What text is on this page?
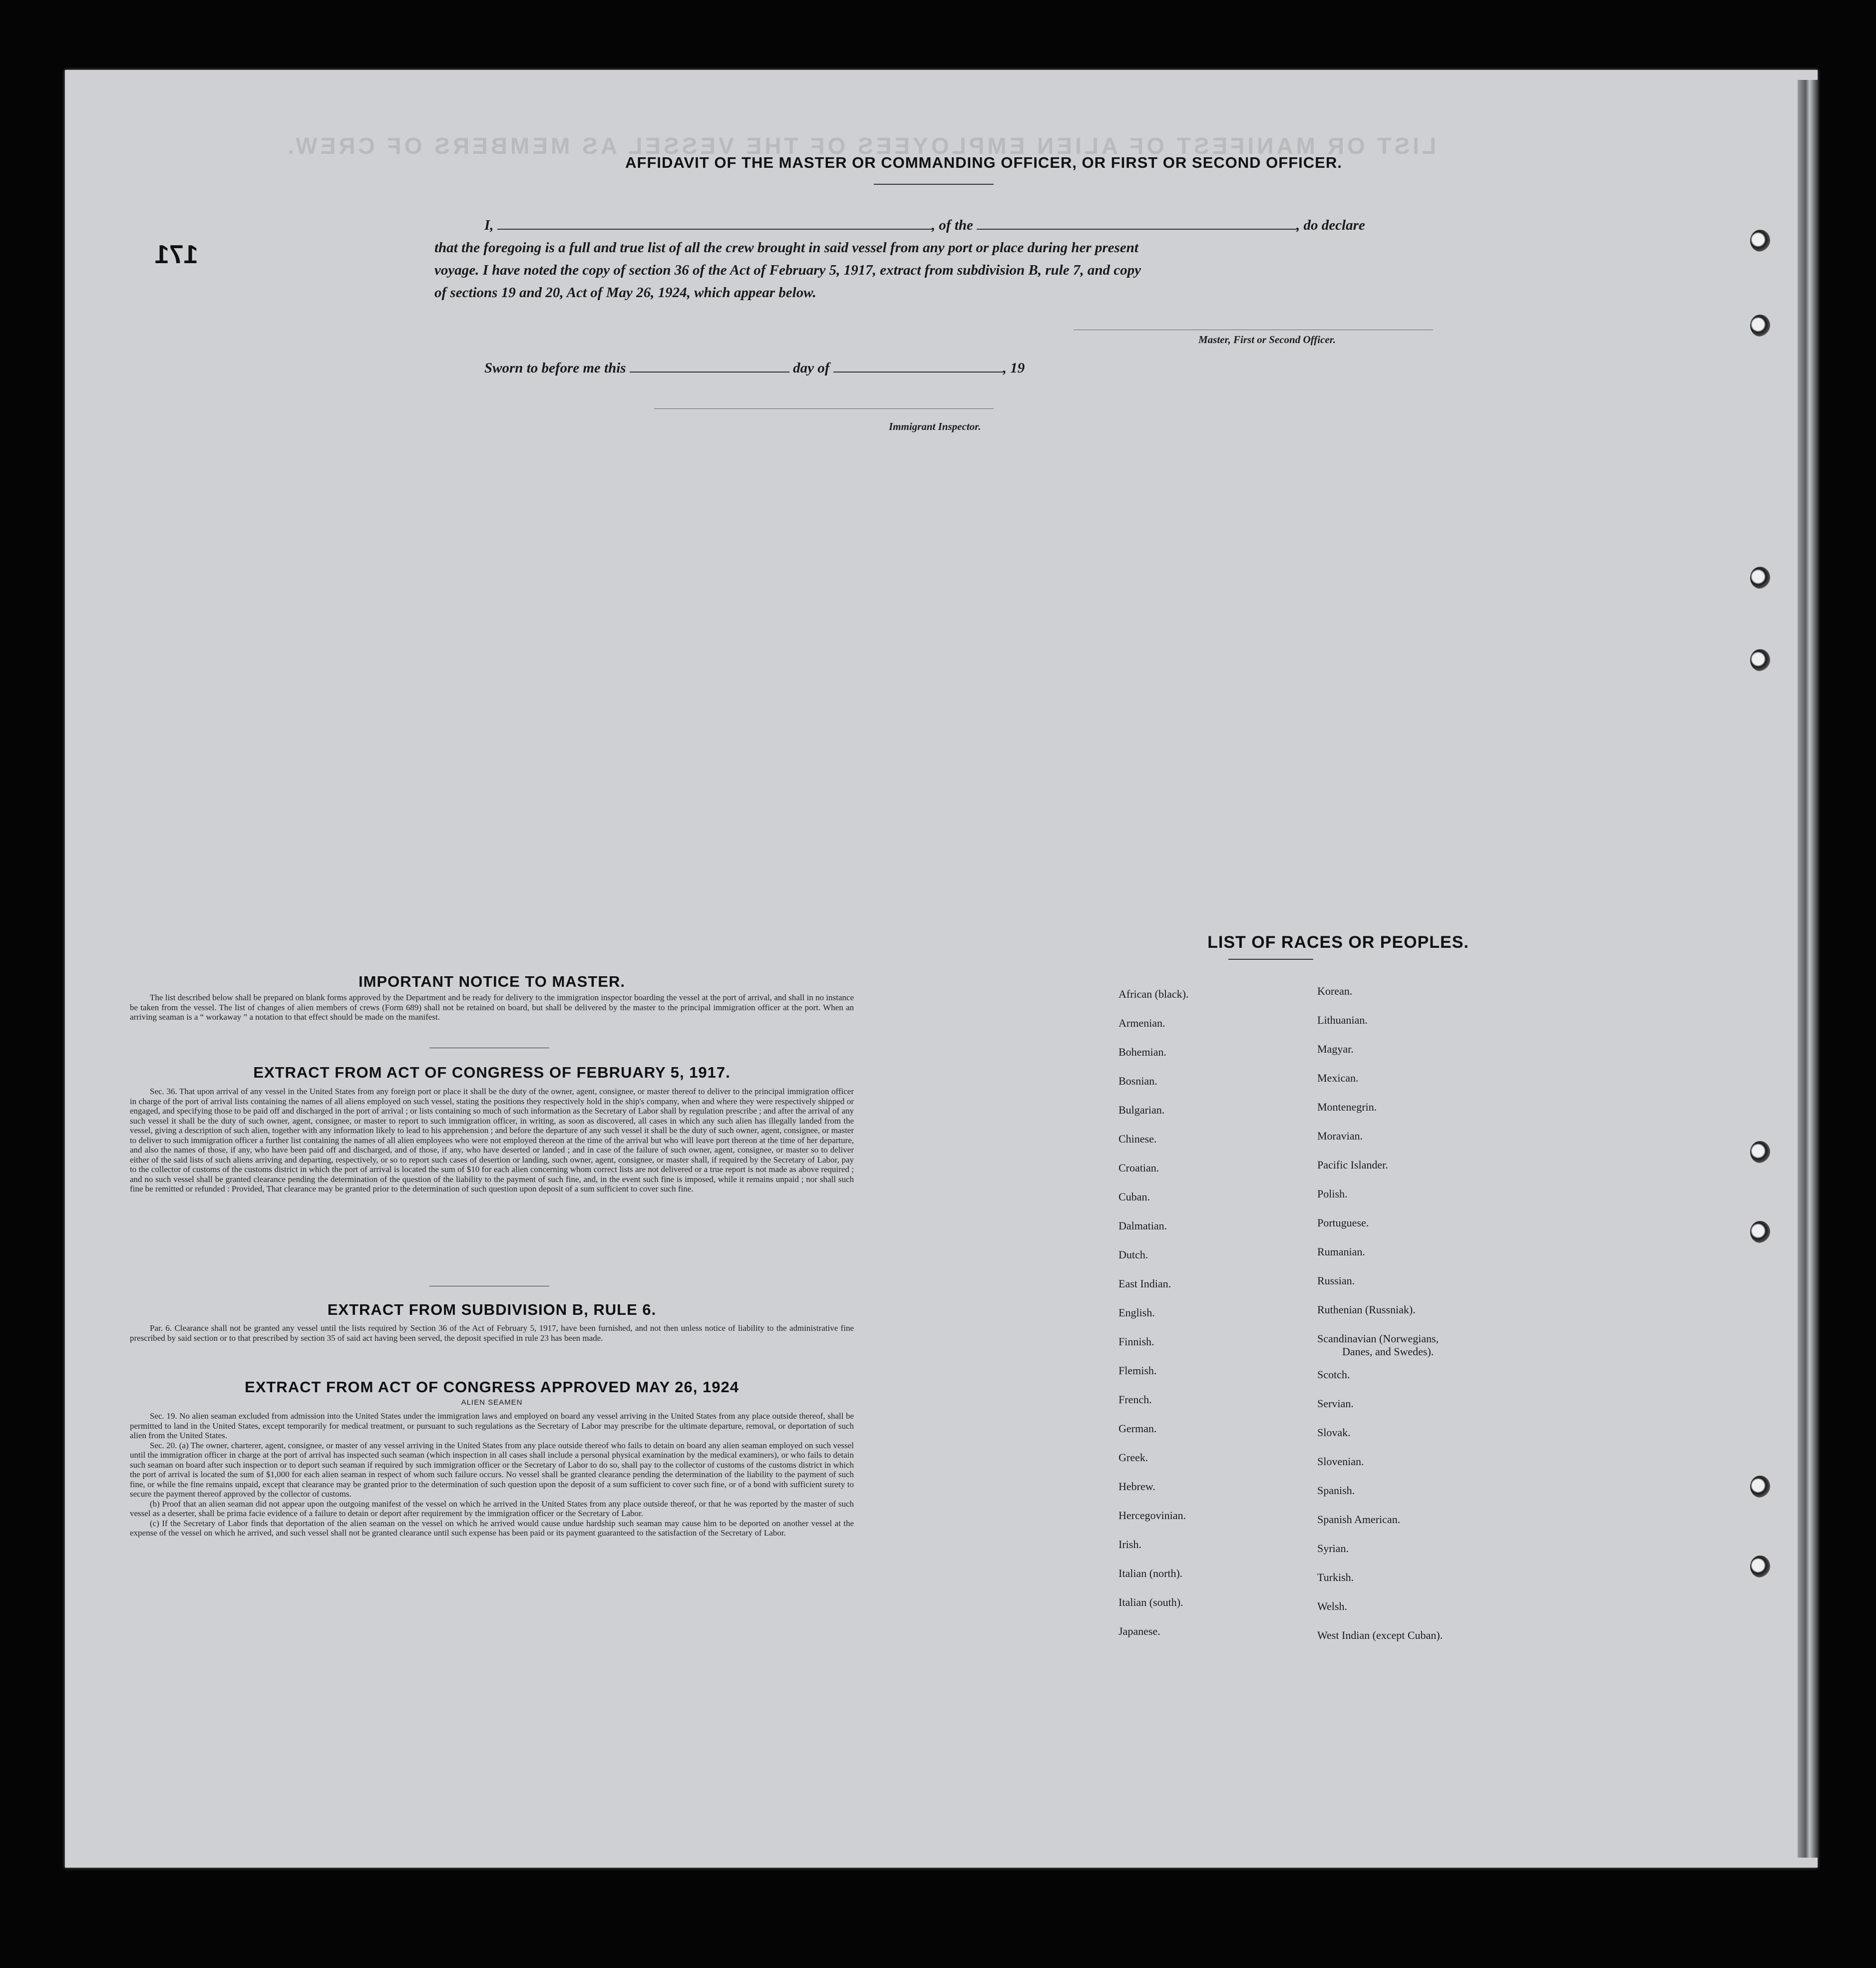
LIST OR MANIFEST OF ALIEN EMPLOYEES OF THE VESSEL AS MEMBERS OF CREW.
171
AFFIDAVIT OF THE MASTER OR COMMANDING OFFICER, OR FIRST OR SECOND OFFICER.
I,	, of the	, do declare
that the foregoing is a full and true list of all the crew brought in said vessel from any port or place during her present
voyage. I have noted the copy of section 36 of the Act of February 5, 1917, extract from subdivision B, rule 7, and copy
of sections 19 and 20, Act of May 26, 1924, which appear below.
Master, First or Second Officer.
Sworn to before me this	day of	, 19
Immigrant Inspector.
IMPORTANT NOTICE TO MASTER.

The list described below shall be prepared on blank forms approved by the Department and be ready for delivery to the immigration inspector boarding the vessel at the port of arrival, and shall in no instance be taken from the vessel. The list of changes of alien members of crews (Form 689) shall not be retained on board, but shall be delivered by the master to the principal immigration officer at the port. When an arriving seaman is a “ workaway ” a notation to that effect should be made on the manifest.

EXTRACT FROM ACT OF CONGRESS OF FEBRUARY 5, 1917.

Sec. 36. That upon arrival of any vessel in the United States from any foreign port or place it shall be the duty of the owner, agent, consignee, or master thereof to deliver to the principal immigration officer in charge of the port of arrival lists containing the names of all aliens employed on such vessel, stating the positions they respectively hold in the ship's company, when and where they were respectively shipped or engaged, and specifying those to be paid off and discharged in the port of arrival ; or lists containing so much of such information as the Secretary of Labor shall by regulation prescribe ; and after the arrival of any such vessel it shall be the duty of such owner, agent, consignee, or master to report to such immigration officer, in writing, as soon as discovered, all cases in which any such alien has illegally landed from the vessel, giving a description of such alien, together with any information likely to lead to his apprehension ; and before the departure of any such vessel it shall be the duty of such owner, agent, consignee, or master to deliver to such immigration officer a further list containing the names of all alien employees who were not employed thereon at the time of the arrival but who will leave port thereon at the time of her departure, and also the names of those, if any, who have been paid off and discharged, and of those, if any, who have deserted or landed ; and in case of the failure of such owner, agent, consignee, or master so to deliver either of the said lists of such aliens arriving and departing, respectively, or so to report such cases of desertion or landing, such owner, agent, consignee, or master shall, if required by the Secretary of Labor, pay to the collector of customs of the customs district in which the port of arrival is located the sum of $10 for each alien concerning whom correct lists are not delivered or a true report is not made as above required ; and no such vessel shall be granted clearance pending the determination of the question of the liability to the payment of such fine, and, in the event such fine is imposed, while it remains unpaid ; nor shall such fine be remitted or refunded : Provided, That clearance may be granted prior to the determination of such question upon deposit of a sum sufficient to cover such fine.

EXTRACT FROM SUBDIVISION B, RULE 6.

Par. 6. Clearance shall not be granted any vessel until the lists required by Section 36 of the Act of February 5, 1917, have been furnished, and not then unless notice of liability to the administrative fine prescribed by said section or to that prescribed by section 35 of said act having been served, the deposit specified in rule 23 has been made.

EXTRACT FROM ACT OF CONGRESS APPROVED MAY 26, 1924
ALIEN SEAMEN

Sec. 19. No alien seaman excluded from admission into the United States under the immigration laws and employed on board any vessel arriving in the United States from any place outside thereof, shall be permitted to land in the United States, except temporarily for medical treatment, or pursuant to such regulations as the Secretary of Labor may prescribe for the ultimate departure, removal, or deportation of such alien from the United States.

Sec. 20. (a) The owner, charterer, agent, consignee, or master of any vessel arriving in the United States from any place outside thereof who fails to detain on board any alien seaman employed on such vessel until the immigration officer in charge at the port of arrival has inspected such seaman (which inspection in all cases shall include a personal physical examination by the medical examiners), or who fails to detain such seaman on board after such inspection or to deport such seaman if required by such immigration officer or the Secretary of Labor to do so, shall pay to the collector of customs of the customs district in which the port of arrival is located the sum of $1,000 for each alien seaman in respect of whom such failure occurs. No vessel shall be granted clearance pending the determination of the liability to the payment of such fine, or while the fine remains unpaid, except that clearance may be granted prior to the determination of such question upon the deposit of a sum sufficient to cover such fine, or of a bond with sufficient surety to secure the payment thereof approved by the collector of customs.

(b) Proof that an alien seaman did not appear upon the outgoing manifest of the vessel on which he arrived in the United States from any place outside thereof, or that he was reported by the master of such vessel as a deserter, shall be prima facie evidence of a failure to detain or deport after requirement by the immigration officer or the Secretary of Labor.

(c) If the Secretary of Labor finds that deportation of the alien seaman on the vessel on which he arrived would cause undue hardship such seaman may cause him to be deported on another vessel at the expense of the vessel on which he arrived, and such vessel shall not be granted clearance until such expense has been paid or its payment guaranteed to the satisfaction of the Secretary of Labor.

LIST OF RACES OR PEOPLES.
African (black).
Armenian.
Bohemian.
Bosnian.
Bulgarian.
Chinese.
Croatian.
Cuban.
Dalmatian.
Dutch.
East Indian.
English.
Finnish.
Flemish.
French.
German.
Greek.
Hebrew.
Hercegovinian.
Irish.
Italian (north).
Italian (south).
Japanese.
Korean.
Lithuanian.
Magyar.
Mexican.
Montenegrin.
Moravian.
Pacific Islander.
Polish.
Portuguese.
Rumanian.
Russian.
Ruthenian (Russniak).
Scandinavian (Norwegians,
Danes, and Swedes).
Scotch.
Servian.
Slovak.
Slovenian.
Spanish.
Spanish American.
Syrian.
Turkish.
Welsh.
West Indian (except Cuban).
